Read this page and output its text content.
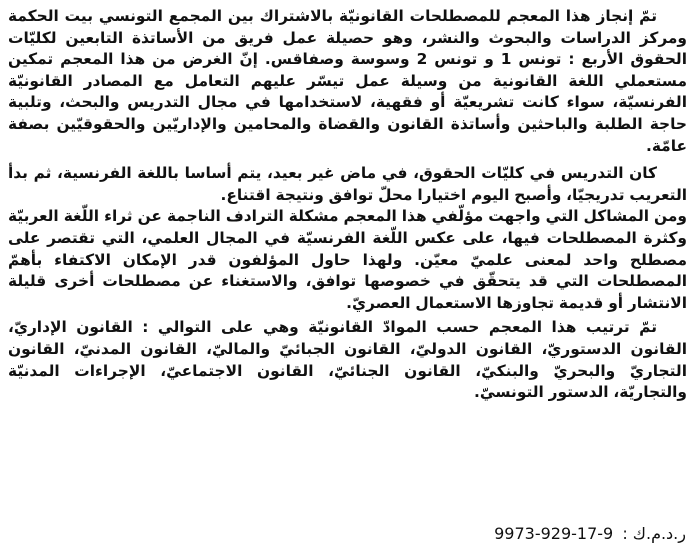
تمّ إنجاز هذا المعجم للمصطلحات القانونيّة بالاشتراك بين المجمع التونسي بيت الحكمة ومركز الدراسات والبحوث والنشر، وهو حصيلة عمل فريق من الأساتذة التابعين لكليّات الحقوق الأربع : تونس 1 و تونس 2 وسوسة وصفاقس. إنّ الغرض من هذا المعجم تمكين مستعملي اللغة القانونية من وسيلة عمل تيسّر عليهم التعامل مع المصادر القانونيّة الفرنسيّة، سواء كانت تشريعيّة أو فقهية، لاستخدامها في مجال التدريس والبحث، وتلبية حاجة الطلبة والباحثين وأساتذة القانون والقضاة والمحامين والإداريّين والحقوقيّين بصفة عامّة.

كان التدريس في كليّات الحقوق، في ماض غير بعيد، يتم أساسا باللغة الفرنسية، ثم بدأ التعريب تدريجيّا، وأصبح اليوم اختيارا محلّ توافق ونتيجة اقتناع.

ومن المشاكل التي واجهت مؤلّفي هذا المعجم مشكلة الترادف الناجمة عن ثراء اللّغة العربيّة وكثرة المصطلحات فيها، على عكس اللّغة الفرنسيّة في المجال العلمي، التي تقتصر على مصطلح واحد لمعنى علميّ معيّن. ولهذا حاول المؤلفون قدر الإمكان الاكتفاء بأهمّ المصطلحات التي قد يتحقّق في خصوصها توافق، والاستغناء عن مصطلحات أخرى قليلة الانتشار أو قديمة تجاوزها الاستعمال العصريّ.

تمّ ترتيب هذا المعجم حسب الموادّ القانونيّة وهي على التوالي : القانون الإداريّ، القانون الدستوريّ، القانون الدوليّ، القانون الجبائيّ والماليّ، القانون المدنيّ، القانون التجاريّ والبحريّ والبنكيّ، القانون الجنائيّ، القانون الاجتماعيّ، الإجراءات المدنيّة والتجاريّة، الدستور التونسيّ.

ر.د.م.ك : 9973-929-17-9
